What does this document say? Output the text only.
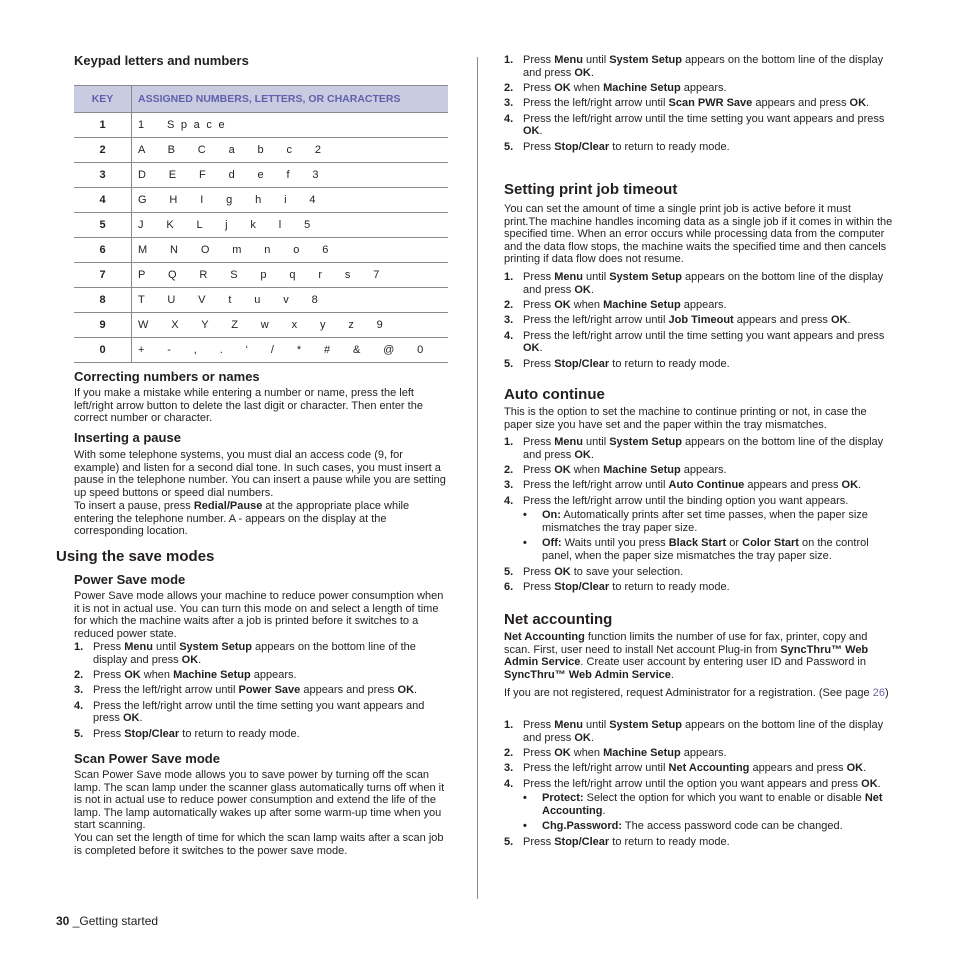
Keypad letters and numbers
KEY	ASSIGNED NUMBERS, LETTERS, OR CHARACTERS
1	1 Space
2	A B C a b c 2
3	D E F d e f 3
4	G H I g h i 4
5	J K L j k l 5
6	M N O m n o 6
7	P Q R S p q r s 7
8	T U V t u v 8
9	W X Y Z w x y z 9
0	+ - , . ‘ / * # & @ 0
Correcting numbers or names

If you make a mistake while entering a number or name, press the left left/right arrow button to delete the last digit or character. Then enter the correct number or character.

Inserting a pause

With some telephone systems, you must dial an access code (9, for example) and listen for a second dial tone. In such cases, you must insert a pause in the telephone number. You can insert a pause while you are setting up speed buttons or speed dial numbers.

To insert a pause, press Redial/Pause at the appropriate place while entering the telephone number. A - appears on the display at the corresponding location.

Using the save modes
Power Save mode

Power Save mode allows your machine to reduce power consumption when it is not in actual use. You can turn this mode on and select a length of time for which the machine waits after a job is printed before it switches to a reduced power state.

1. Press Menu until System Setup appears on the bottom line of the display and press OK.
2. Press OK when Machine Setup appears.
3. Press the left/right arrow until Power Save appears and press OK.
4. Press the left/right arrow until the time setting you want appears and press OK.
5. Press Stop/Clear to return to ready mode.
Scan Power Save mode

Scan Power Save mode allows you to save power by turning off the scan lamp. The scan lamp under the scanner glass automatically turns off when it is not in actual use to reduce power consumption and extend the life of the lamp. The lamp automatically wakes up after some warm-up time when you start scanning.

You can set the length of time for which the scan lamp waits after a scan job is completed before it switches to the power save mode.

1. Press Menu until System Setup appears on the bottom line of the display and press OK.
2. Press OK when Machine Setup appears.
3. Press the left/right arrow until Scan PWR Save appears and press OK.
4. Press the left/right arrow until the time setting you want appears and press OK.
5. Press Stop/Clear to return to ready mode.
Setting print job timeout

You can set the amount of time a single print job is active before it must print.The machine handles incoming data as a single job if it comes in within the specified time. When an error occurs while processing data from the computer and the data flow stops, the machine waits the specified time and then cancels printing if data flow does not resume.

1. Press Menu until System Setup appears on the bottom line of the display and press OK.
2. Press OK when Machine Setup appears.
3. Press the left/right arrow until Job Timeout appears and press OK.
4. Press the left/right arrow until the time setting you want appears and press OK.
5. Press Stop/Clear to return to ready mode.
Auto continue

This is the option to set the machine to continue printing or not, in case the paper size you have set and the paper within the tray mismatches.

1. Press Menu until System Setup appears on the bottom line of the display and press OK.
2. Press OK when Machine Setup appears.
3. Press the left/right arrow until Auto Continue appears and press OK.
4. Press the left/right arrow until the binding option you want appears.
• On: Automatically prints after set time passes, when the paper size mismatches the tray paper size.
• Off: Waits until you press Black Start or Color Start on the control panel, when the paper size mismatches the tray paper size.
5. Press OK to save your selection.
6. Press Stop/Clear to return to ready mode.
Net accounting

Net Accounting function limits the number of use for fax, printer, copy and scan. First, user need to install Net account Plug-in from SyncThru™ Web Admin Service. Create user account by entering user ID and Password in SyncThru™ Web Admin Service.

If you are not registered, request Administrator for a registration. (See page 26)

1. Press Menu until System Setup appears on the bottom line of the display and press OK.
2. Press OK when Machine Setup appears.
3. Press the left/right arrow until Net Accounting appears and press OK.
4. Press the left/right arrow until the option you want appears and press OK.
• Protect: Select the option for which you want to enable or disable Net Accounting.
• Chg.Password: The access password code can be changed.
5. Press Stop/Clear to return to ready mode.
30 _Getting started
